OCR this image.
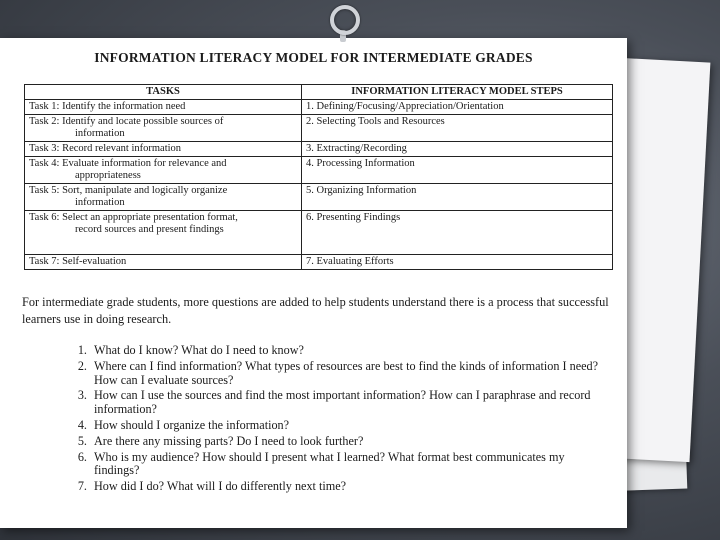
INFORMATION LITERACY MODEL FOR INTERMEDIATE GRADES
TASKS	INFORMATION LITERACY MODEL STEPS
Task 1: Identify the information need	1. Defining/Focusing/Appreciation/Orientation
Task 2: Identify and locate possible sources of
information	2. Selecting Tools and Resources
Task 3: Record relevant information	3. Extracting/Recording
Task 4: Evaluate information for relevance and
appropriateness	4. Processing Information
Task 5: Sort, manipulate and logically organize
information	5. Organizing Information
Task 6: Select an appropriate presentation format,
record sources and present findings	6. Presenting Findings
Task 7: Self-evaluation	7. Evaluating Efforts
For intermediate grade students, more questions are added to help students understand there is a process that successful learners use in doing research.
1. What do I know? What do I need to know?
2. Where can I find information? What types of resources are best to find the kinds of information I need? How can I evaluate sources?
3. How can I use the sources and find the most important information? How can I paraphrase and record information?
4. How should I organize the information?
5. Are there any missing parts? Do I need to look further?
6. Who is my audience? How should I present what I learned? What format best communicates my findings?
7. How did I do? What will I do differently next time?
